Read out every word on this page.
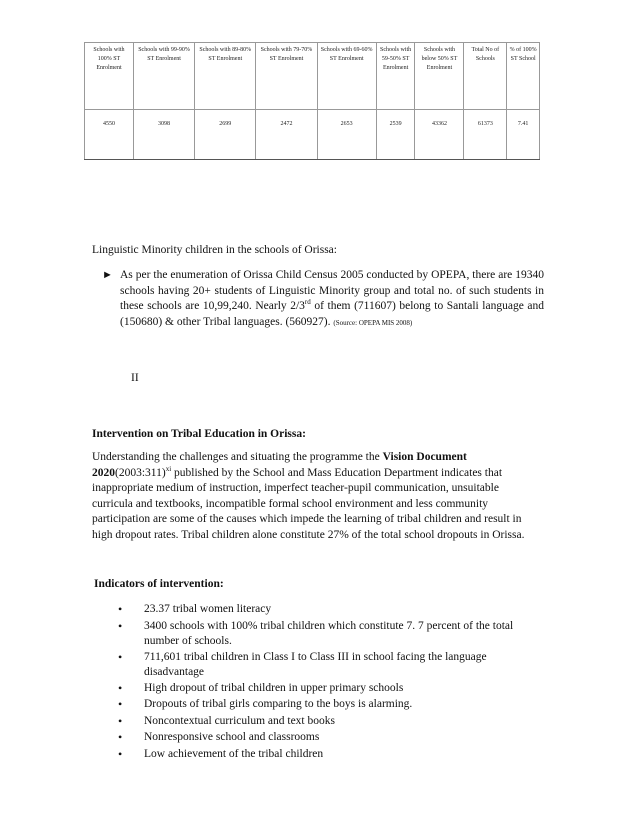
Schools with 100% ST Enrolment	Schools with 99-90% ST Enrolment	Schools with 89-80% ST Enrolment	Schools with 79-70% ST Enrolment	Schools with 69-60% ST Enrolment	Schools with 59-50% ST Enrolment	Schools with below 50% ST Enrolment	Total No of Schools	% of 100% ST School
4550	3098	2699	2472	2653	2539	43362	61373	7.41
Linguistic Minority children in the schools of Orissa:
► As per the enumeration of Orissa Child Census 2005 conducted by OPEPA, there are 19340 schools having 20+ students of Linguistic Minority group and total no. of such students in these schools are 10,99,240. Nearly 2/3rd of them (711607) belong to Santali language and (150680) & other Tribal languages. (560927). (Source: OPEPA MIS 2008)
II
Intervention on Tribal Education in Orissa:
Understanding the challenges and situating the programme the Vision Document 2020(2003:311)$^{xi}$ published by the School and Mass Education Department indicates that inappropriate medium of instruction, imperfect teacher-pupil communication, unsuitable curricula and textbooks, incompatible formal school environment and less community participation are some of the causes which impede the learning of tribal children and result in high dropout rates. Tribal children alone constitute 27% of the total school dropouts in Orissa.
Indicators of intervention:
•
23.37 tribal women literacy
•
3400 schools with 100% tribal children which constitute 7. 7 percent of the total number of schools.
•
711,601 tribal children in Class I to Class III in school facing the language disadvantage
•
High dropout of tribal children in upper primary schools
•
Dropouts of tribal girls comparing to the boys is alarming.
•
Noncontextual curriculum and text books
•
Nonresponsive school and classrooms
•
Low achievement of the tribal children
